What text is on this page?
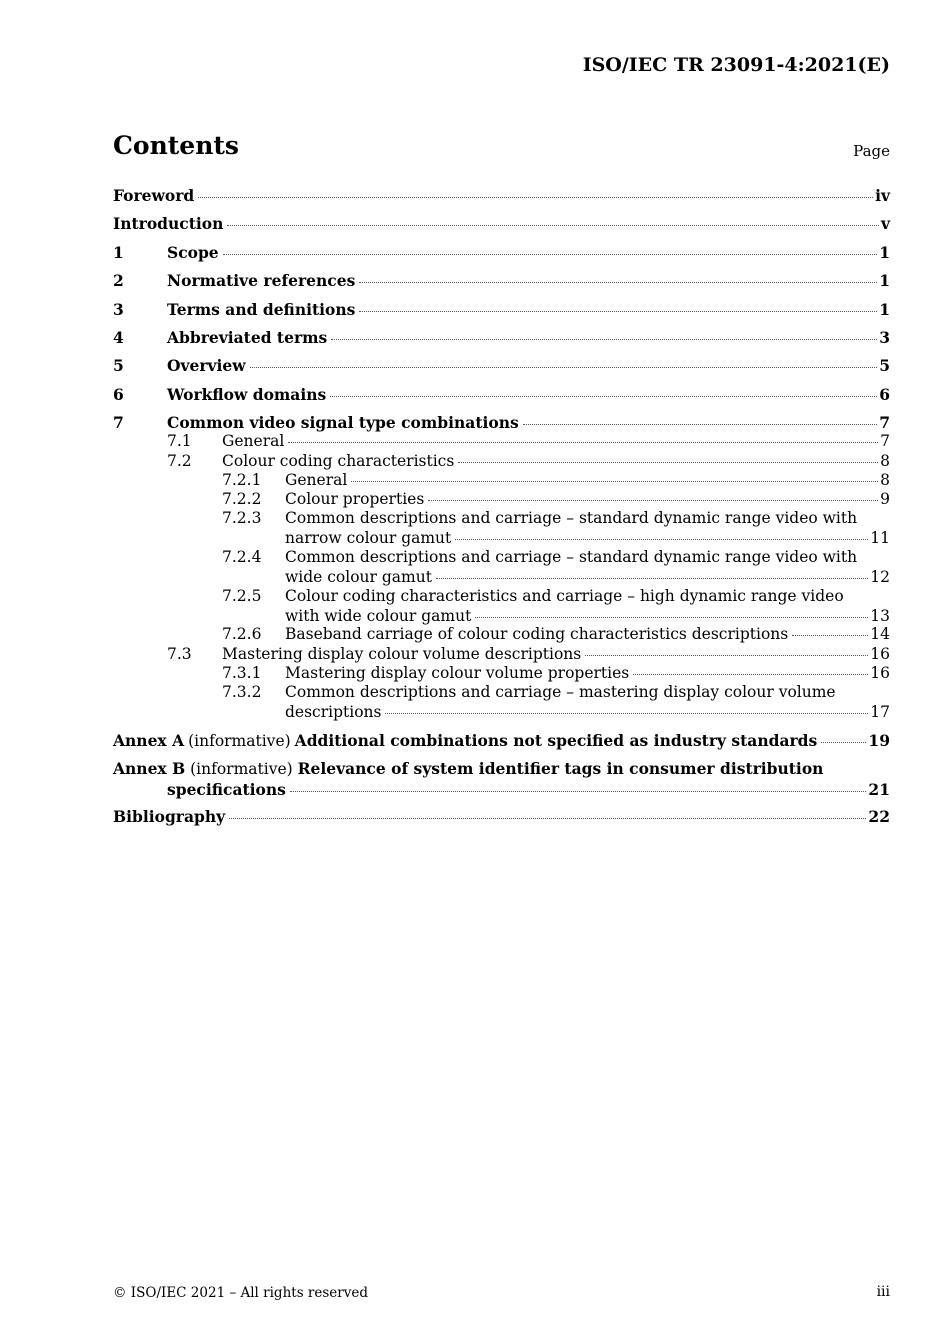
ISO/IEC TR 23091-4:2021(E)
Contents	Page
Foreword	iv
Introduction	v
1	Scope	1
2	Normative references	1
3	Terms and definitions	1
4	Abbreviated terms	3
5	Overview	5
6	Workflow domains	6
7	Common video signal type combinations	7
7.1 General	7
7.2 Colour coding characteristics	8
7.2.1 General	8
7.2.2 Colour properties	9
7.2.3 Common descriptions and carriage – standard dynamic range video with
narrow colour gamut	11
7.2.4 Common descriptions and carriage – standard dynamic range video with
wide colour gamut	12
7.2.5 Colour coding characteristics and carriage – high dynamic range video
with wide colour gamut	13
7.2.6 Baseband carriage of colour coding characteristics descriptions	14
7.3 Mastering display colour volume descriptions	16
7.3.1 Mastering display colour volume properties	16
7.3.2 Common descriptions and carriage – mastering display colour volume
descriptions	17
Annex A (informative) Additional combinations not specified as industry standards	19
Annex B (informative) Relevance of system identifier tags in consumer distribution
specifications	21
Bibliography	22
© ISO/IEC 2021 – All rights reserved	iii
